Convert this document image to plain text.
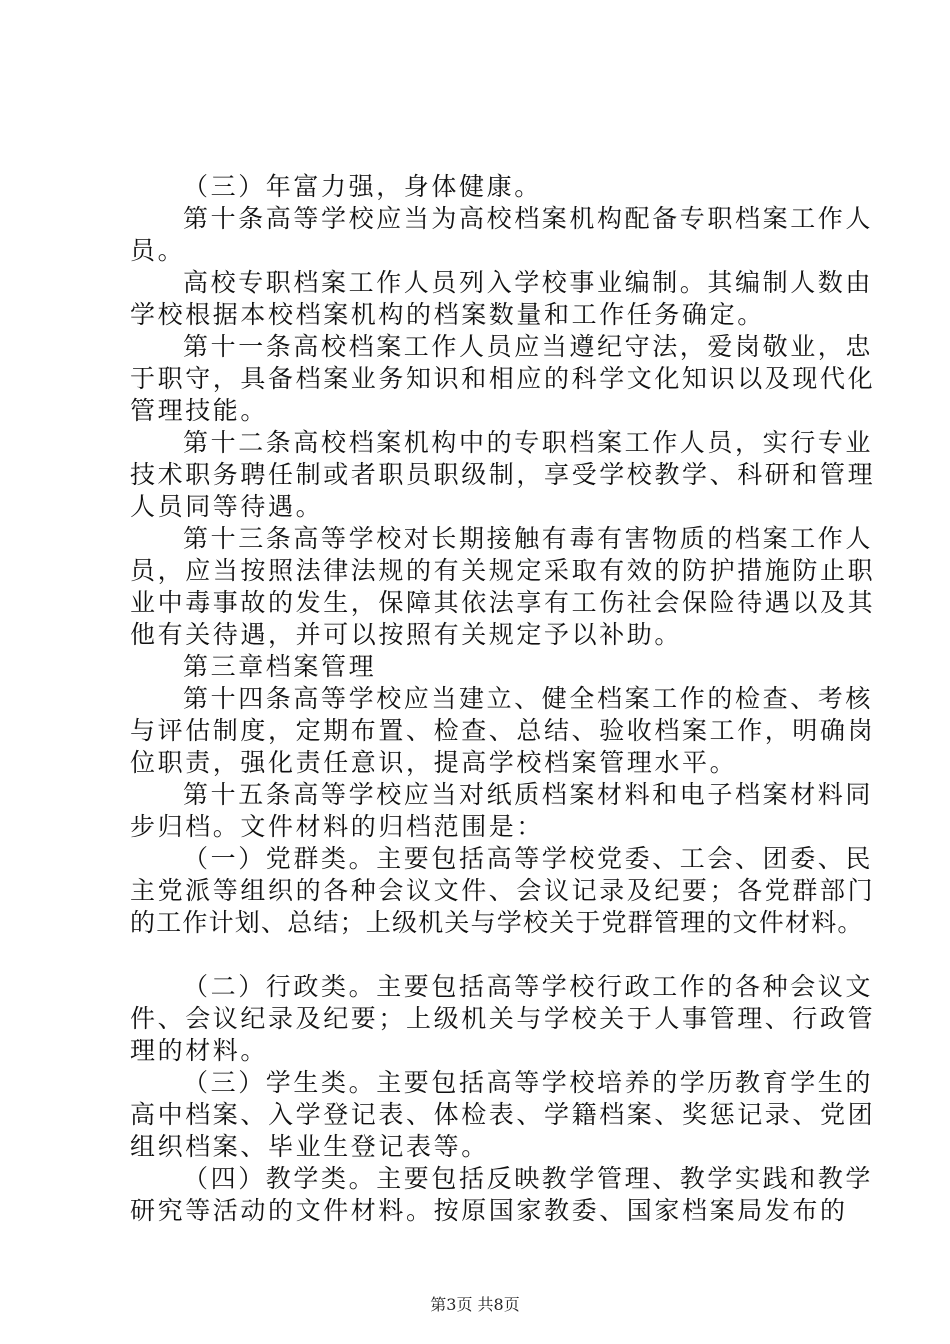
（三）年富力强，身体健康。
第十条高等学校应当为高校档案机构配备专职档案工作人
员。
高校专职档案工作人员列入学校事业编制。其编制人数由
学校根据本校档案机构的档案数量和工作任务确定。
第十一条高校档案工作人员应当遵纪守法，爱岗敬业，忠
于职守，具备档案业务知识和相应的科学文化知识以及现代化
管理技能。
第十二条高校档案机构中的专职档案工作人员，实行专业
技术职务聘任制或者职员职级制，享受学校教学、科研和管理
人员同等待遇。
第十三条高等学校对长期接触有毒有害物质的档案工作人
员，应当按照法律法规的有关规定采取有效的防护措施防止职
业中毒事故的发生，保障其依法享有工伤社会保险待遇以及其
他有关待遇，并可以按照有关规定予以补助。
第三章档案管理
第十四条高等学校应当建立、健全档案工作的检查、考核
与评估制度，定期布置、检查、总结、验收档案工作，明确岗
位职责，强化责任意识，提高学校档案管理水平。
第十五条高等学校应当对纸质档案材料和电子档案材料同
步归档。文件材料的归档范围是：
（一）党群类。主要包括高等学校党委、工会、团委、民
主党派等组织的各种会议文件、会议记录及纪要；各党群部门
的工作计划、总结；上级机关与学校关于党群管理的文件材料。
（二）行政类。主要包括高等学校行政工作的各种会议文
件、会议纪录及纪要；上级机关与学校关于人事管理、行政管
理的材料。
（三）学生类。主要包括高等学校培养的学历教育学生的
高中档案、入学登记表、体检表、学籍档案、奖惩记录、党团
组织档案、毕业生登记表等。
（四）教学类。主要包括反映教学管理、教学实践和教学
研究等活动的文件材料。按原国家教委、国家档案局发布的
第3页 共8页
